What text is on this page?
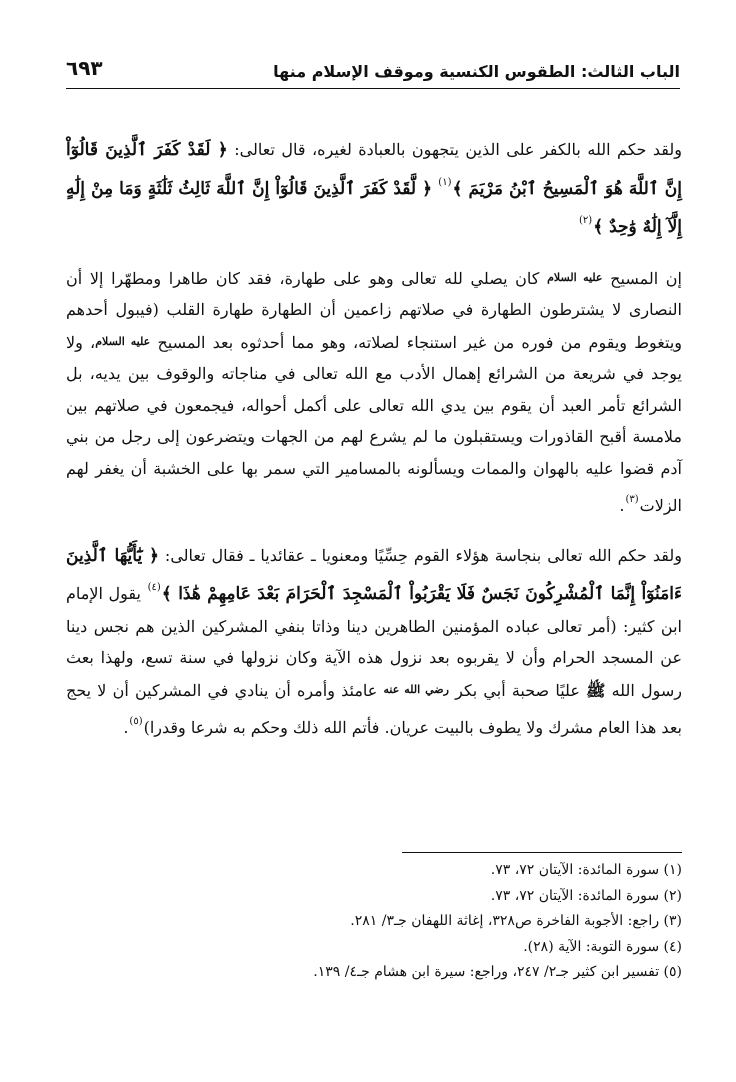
الباب الثالث: الطقوس الكنسية وموقف الإسلام منها
٦٩٣

ولقد حكم الله بالكفر على الذين يتجهون بالعبادة لغيره، قال تعالى: ﴿ لَقَدْ كَفَرَ ٱلَّذِينَ قَالُوٓاْ إِنَّ ٱللَّهَ هُوَ ٱلْمَسِيحُ ٱبْنُ مَرْيَمَ ﴾$^{(١)}$ ﴿ لَّقَدْ كَفَرَ ٱلَّذِينَ قَالُوٓاْ إِنَّ ٱللَّهَ ثَالِثُ ثَلَٰثَةٍ وَمَا مِنْ إِلَٰهٍ إِلَّآ إِلَٰهٌ وَٰحِدٌ ﴾$^{(٢)}$

إن المسيح عليه السلام كان يصلي لله تعالى وهو على طهارة، فقد كان طاهرا ومطهّرا إلا أن النصارى لا يشترطون الطهارة في صلاتهم زاعمين أن الطهارة طهارة القلب (فيبول أحدهم ويتغوط ويقوم من فوره من غير استنجاء لصلاته، وهو مما أحدثوه بعد المسيح عليه السلام، ولا يوجد في شريعة من الشرائع إهمال الأدب مع الله تعالى في مناجاته والوقوف بين يديه، بل الشرائع تأمر العبد أن يقوم بين يدي الله تعالى على أكمل أحواله، فيجمعون في صلاتهم بين ملامسة أقبح القاذورات ويستقبلون ما لم يشرع لهم من الجهات ويتضرعون إلى رجل من بني آدم قضوا عليه بالهوان والممات ويسألونه بالمسامير التي سمر بها على الخشبة أن يغفر لهم الزلات$^{(٣)}$.

ولقد حكم الله تعالى بنجاسة هؤلاء القوم حِسِّيًا ومعنويا ـ عقائديا ـ فقال تعالى: ﴿ يَٰٓأَيُّهَا ٱلَّذِينَ ءَامَنُوٓاْ إِنَّمَا ٱلْمُشْرِكُونَ نَجَسٌ فَلَا يَقْرَبُواْ ٱلْمَسْجِدَ ٱلْحَرَامَ بَعْدَ عَامِهِمْ هَٰذَا ﴾$^{(٤)}$ يقول الإمام ابن كثير: (أمر تعالى عباده المؤمنين الطاهرين دينا وذاتا بنفي المشركين الذين هم نجس دينا عن المسجد الحرام وأن لا يقربوه بعد نزول هذه الآية وكان نزولها في سنة تسع، ولهذا بعث رسول الله ﷺ عليًا صحبة أبي بكر رضي الله عنه عامئذ وأمره أن ينادي في المشركين أن لا يحج بعد هذا العام مشرك ولا يطوف بالبيت عريان. فأتم الله ذلك وحكم به شرعا وقدرا)$^{(٥)}$.

(١) سورة المائدة: الآيتان ٧٢، ٧٣.
(٢) سورة المائدة: الآيتان ٧٢، ٧٣.
(٣) راجع: الأجوبة الفاخرة ص٣٢٨، إغاثة اللهفان جـ٣/ ٢٨١.
(٤) سورة التوبة: الآية (٢٨).
(٥) تفسير ابن كثير جـ٢/ ٢٤٧، وراجع: سيرة ابن هشام جـ٤/ ١٣٩.
